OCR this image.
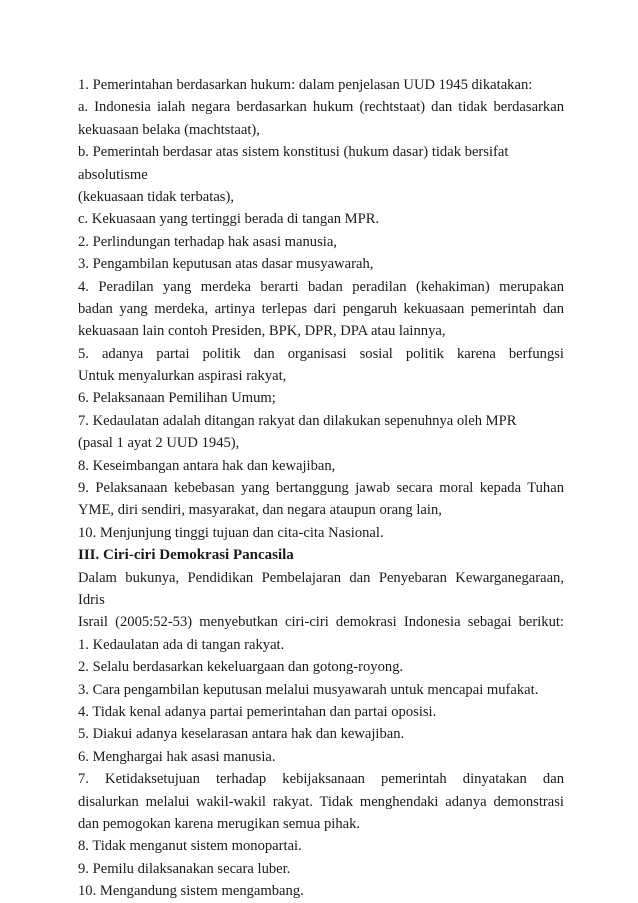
1. Pemerintahan berdasarkan hukum: dalam penjelasan UUD 1945 dikatakan:
a. Indonesia ialah negara berdasarkan hukum (rechtstaat) dan tidak berdasarkan
kekuasaan belaka (machtstaat),
b. Pemerintah berdasar atas sistem konstitusi (hukum dasar) tidak bersifat
absolutisme
(kekuasaan tidak terbatas),
c. Kekuasaan yang tertinggi berada di tangan MPR.
2. Perlindungan terhadap hak asasi manusia,
3. Pengambilan keputusan atas dasar musyawarah,
4. Peradilan yang merdeka berarti badan peradilan (kehakiman) merupakan
badan yang merdeka, artinya terlepas dari pengaruh kekuasaan pemerintah dan
kekuasaan lain contoh Presiden, BPK, DPR, DPA atau lainnya,
5. adanya partai politik dan organisasi sosial politik karena berfungsi
Untuk menyalurkan aspirasi rakyat,
6. Pelaksanaan Pemilihan Umum;
7. Kedaulatan adalah ditangan rakyat dan dilakukan sepenuhnya oleh MPR
(pasal 1 ayat 2 UUD 1945),
8. Keseimbangan antara hak dan kewajiban,
9. Pelaksanaan kebebasan yang bertanggung jawab secara moral kepada Tuhan
YME, diri sendiri, masyarakat, dan negara ataupun orang lain,
10. Menjunjung tinggi tujuan dan cita-cita Nasional.
III. Ciri-ciri Demokrasi Pancasila
Dalam bukunya, Pendidikan Pembelajaran dan Penyebaran Kewarganegaraan,
Idris
Israil (2005:52-53) menyebutkan ciri-ciri demokrasi Indonesia sebagai berikut:
1. Kedaulatan ada di tangan rakyat.
2. Selalu berdasarkan kekeluargaan dan gotong-royong.
3. Cara pengambilan keputusan melalui musyawarah untuk mencapai mufakat.
4. Tidak kenal adanya partai pemerintahan dan partai oposisi.
5. Diakui adanya keselarasan antara hak dan kewajiban.
6. Menghargai hak asasi manusia.
7. Ketidaksetujuan terhadap kebijaksanaan pemerintah dinyatakan dan
disalurkan melalui wakil-wakil rakyat. Tidak menghendaki adanya demonstrasi
dan pemogokan karena merugikan semua pihak.
8. Tidak menganut sistem monopartai.
9. Pemilu dilaksanakan secara luber.
10. Mengandung sistem mengambang.
